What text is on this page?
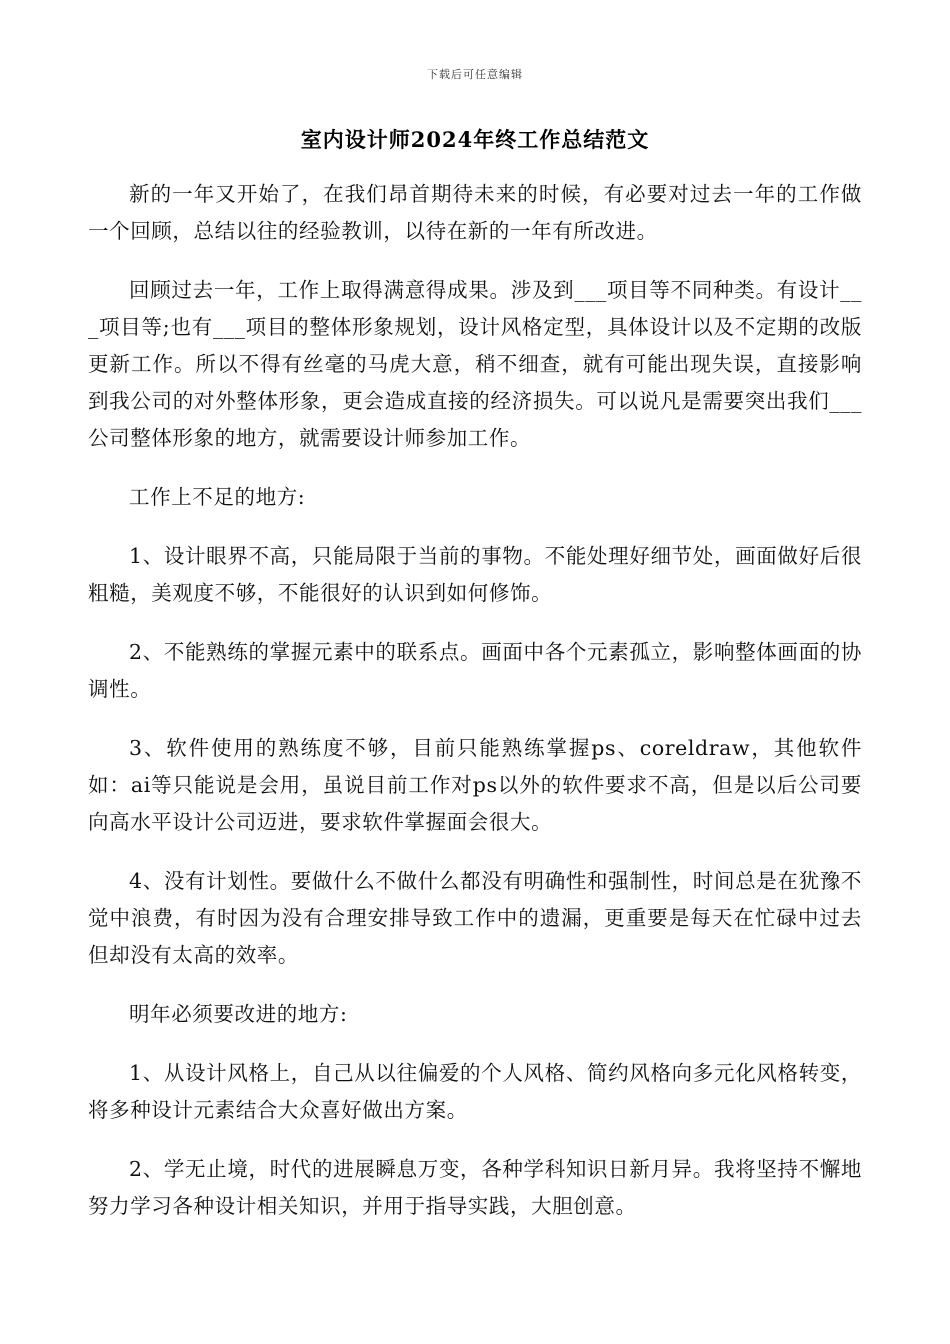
下载后可任意编辑
室内设计师2024年终工作总结范文

新的一年又开始了，在我们昂首期待未来的时候，有必要对过去一年的工作做一个回顾，总结以往的经验教训，以待在新的一年有所改进。

回顾过去一年，工作上取得满意得成果。涉及到___项目等不同种类。有设计___项目等;也有___项目的整体形象规划，设计风格定型，具体设计以及不定期的改版更新工作。所以不得有丝毫的马虎大意，稍不细查，就有可能出现失误，直接影响到我公司的对外整体形象，更会造成直接的经济损失。可以说凡是需要突出我们___公司整体形象的地方，就需要设计师参加工作。

工作上不足的地方:

1、设计眼界不高，只能局限于当前的事物。不能处理好细节处，画面做好后很粗糙，美观度不够，不能很好的认识到如何修饰。

2、不能熟练的掌握元素中的联系点。画面中各个元素孤立，影响整体画面的协调性。

3、软件使用的熟练度不够，目前只能熟练掌握ps、coreldraw，其他软件如：ai等只能说是会用，虽说目前工作对ps以外的软件要求不高，但是以后公司要向高水平设计公司迈进，要求软件掌握面会很大。

4、没有计划性。要做什么不做什么都没有明确性和强制性，时间总是在犹豫不觉中浪费，有时因为没有合理安排导致工作中的遗漏，更重要是每天在忙碌中过去但却没有太高的效率。

明年必须要改进的地方:

1、从设计风格上，自己从以往偏爱的个人风格、简约风格向多元化风格转变，将多种设计元素结合大众喜好做出方案。

2、学无止境，时代的进展瞬息万变，各种学科知识日新月异。我将坚持不懈地努力学习各种设计相关知识，并用于指导实践，大胆创意。
